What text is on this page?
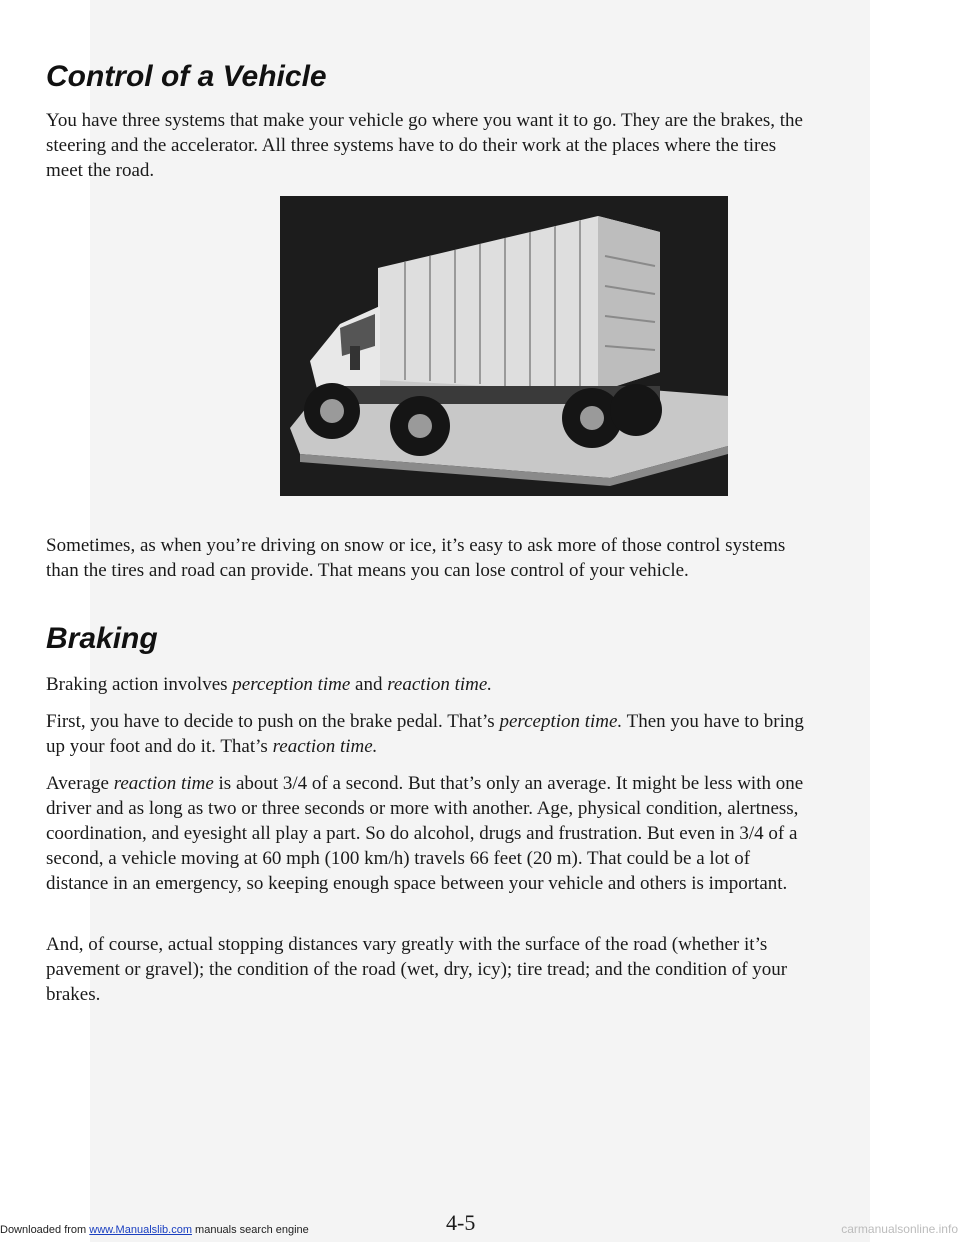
Control of a Vehicle

You have three systems that make your vehicle go where you want it to go. They are the brakes, the steering and the accelerator. All three systems have to do their work at the places where the tires meet the road.

Sometimes, as when you’re driving on snow or ice, it’s easy to ask more of those control systems than the tires and road can provide. That means you can lose control of your vehicle.

Braking

Braking action involves perception time and reaction time.

First, you have to decide to push on the brake pedal. That’s perception time. Then you have to bring up your foot and do it. That’s reaction time.

Average reaction time is about 3/4 of a second. But that’s only an average. It might be less with one driver and as long as two or three seconds or more with another. Age, physical condition, alertness, coordination, and eyesight all play a part. So do alcohol, drugs and frustration. But even in 3/4 of a second, a vehicle moving at 60 mph (100 km/h) travels 66 feet (20 m). That could be a lot of distance in an emergency, so keeping enough space between your vehicle and others is important.

And, of course, actual stopping distances vary greatly with the surface of the road (whether it’s pavement or gravel); the condition of the road (wet, dry, icy); tire tread; and the condition of your brakes.

4-5
Downloaded from www.Manualslib.com manuals search engine	carmanualsonline.info
